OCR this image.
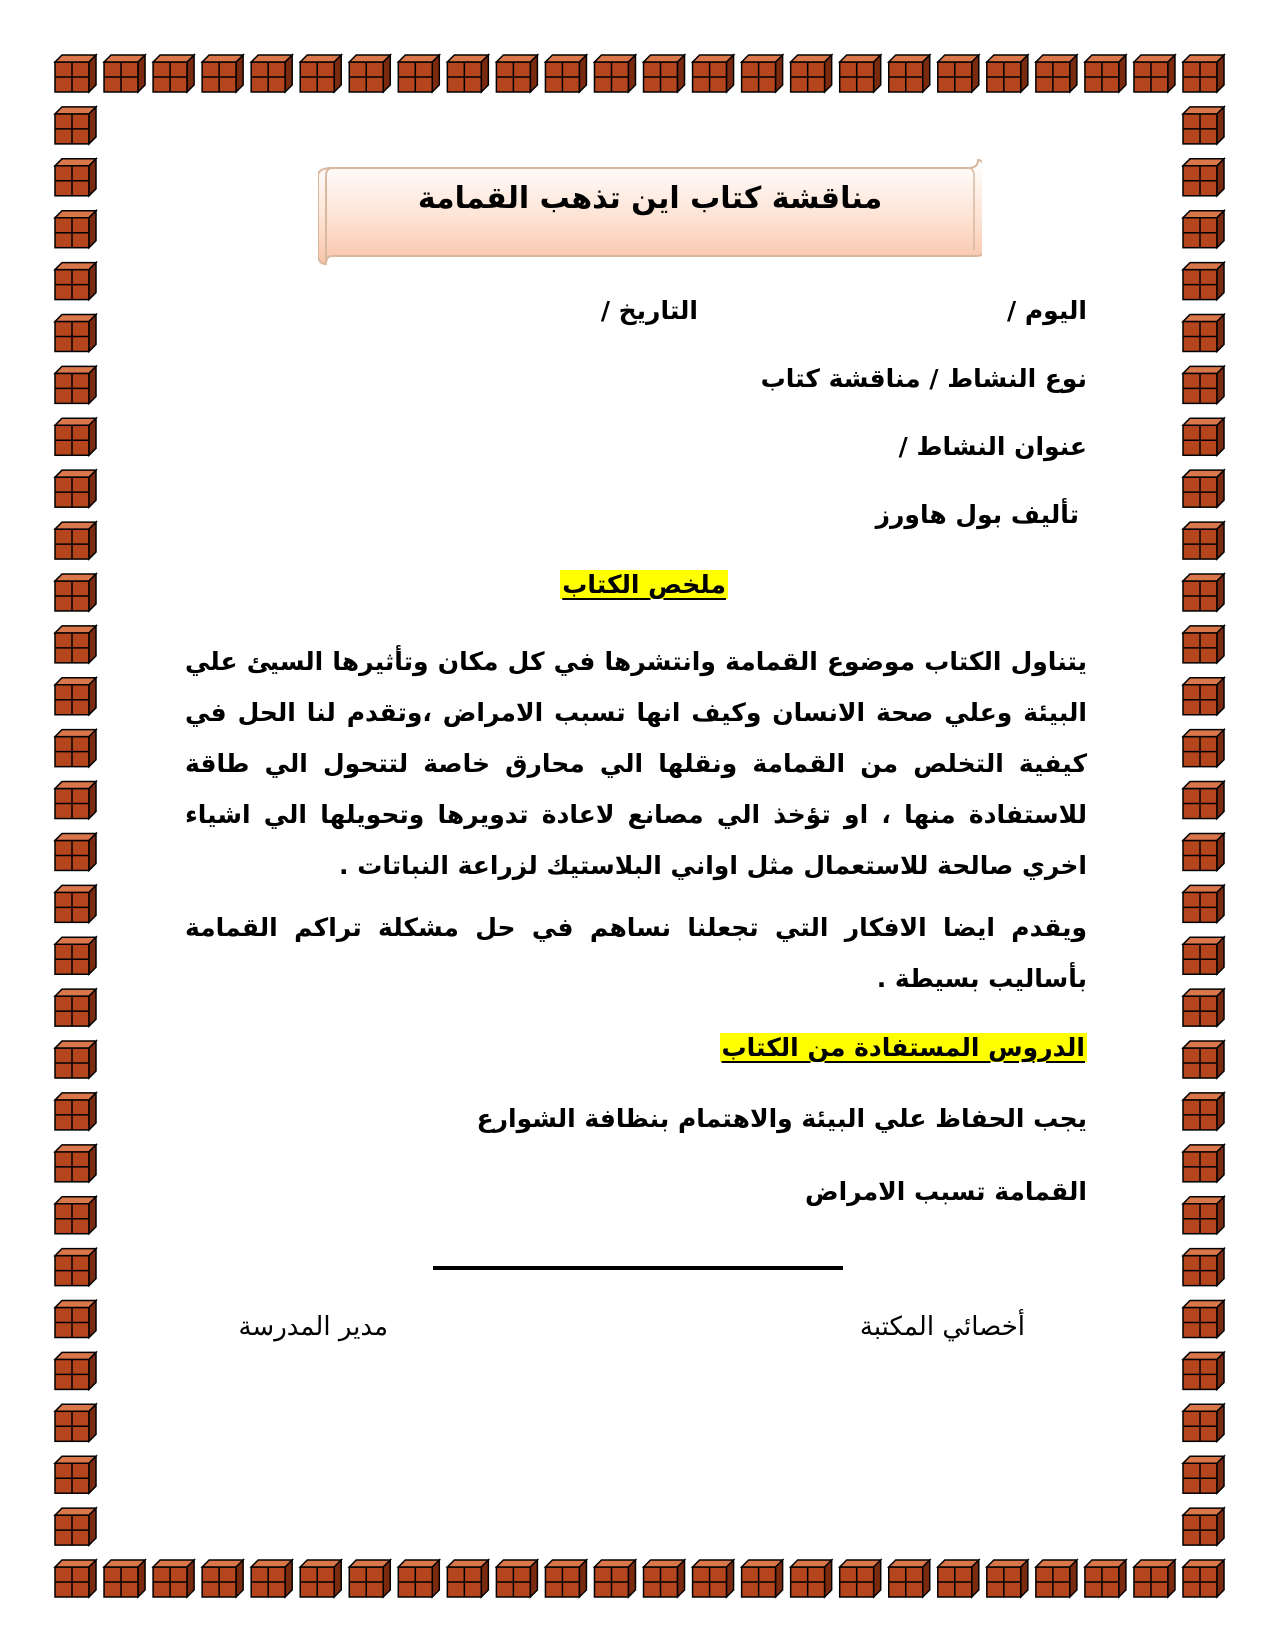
مناقشة كتاب اين تذهب القمامة
اليوم /
التاريخ /
نوع النشاط / مناقشة كتاب
عنوان النشاط /
تأليف بول هاورز
ملخص الكتاب
يتناول الكتاب موضوع القمامة وانتشرها في كل مكان وتأثيرها السيئ علي البيئة وعلي صحة الانسان وكيف انها تسبب الامراض ،وتقدم لنا الحل في كيفية التخلص من القمامة ونقلها الي محارق خاصة لتتحول الي طاقة للاستفادة منها ، او تؤخذ الي مصانع لاعادة تدويرها وتحويلها الي اشياء اخري صالحة للاستعمال مثل اواني البلاستيك لزراعة النباتات .
ويقدم ايضا الافكار التي تجعلنا نساهم في حل مشكلة تراكم القمامة بأساليب بسيطة .
الدروس المستفادة من الكتاب
يجب الحفاظ علي البيئة والاهتمام بنظافة الشوارع
القمامة تسبب الامراض
أخصائي المكتبة
مدير المدرسة
